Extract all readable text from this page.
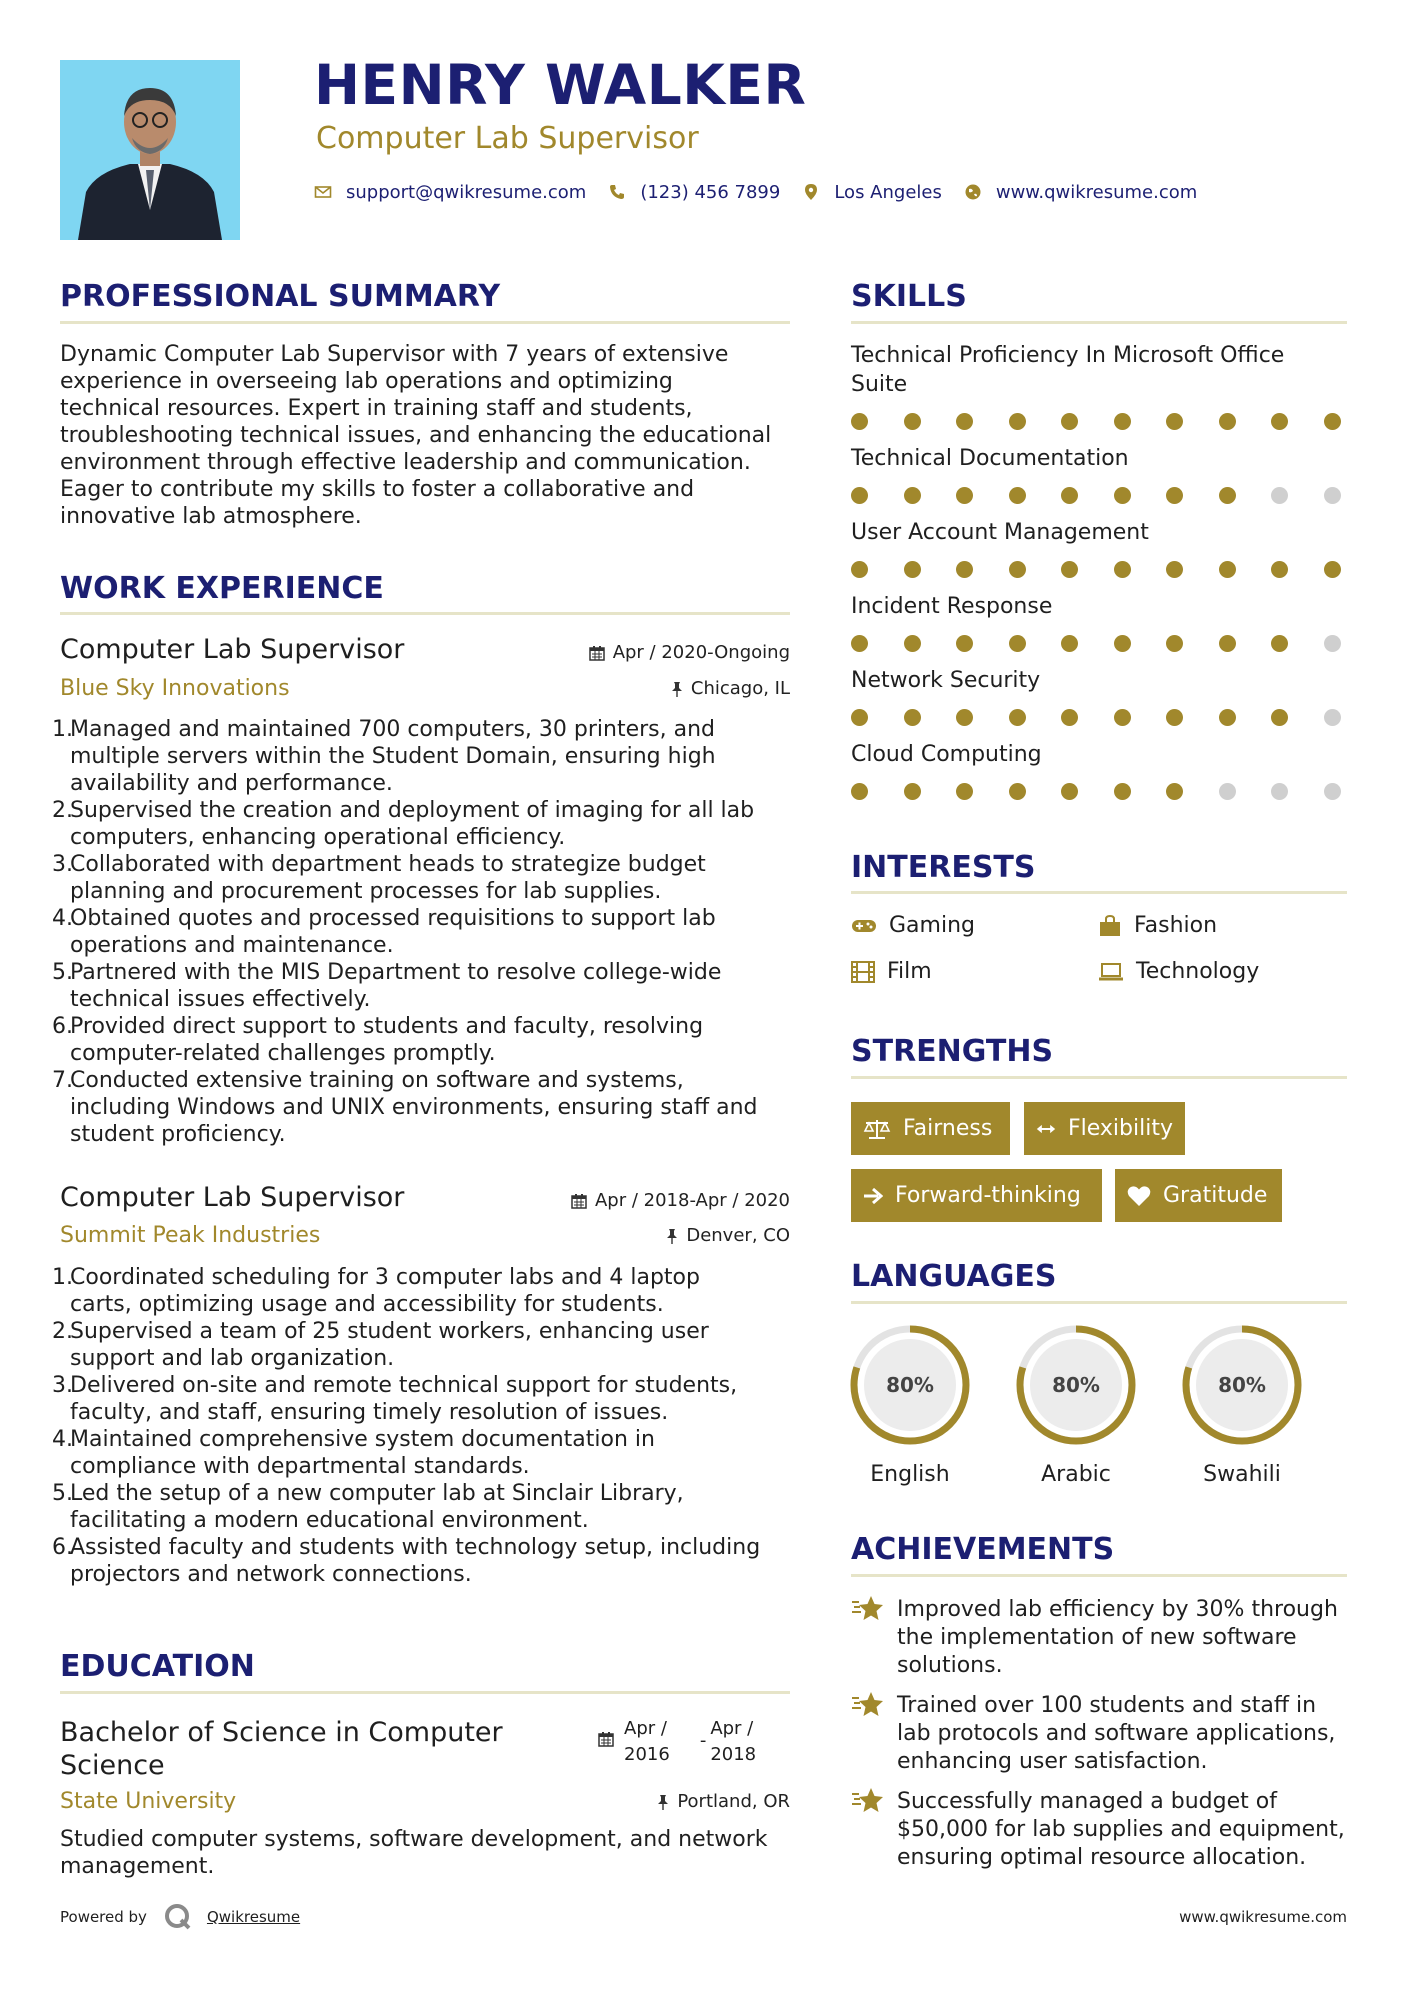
HENRY WALKER
Computer Lab Supervisor
support@qwikresume.com	(123) 456 7899	Los Angeles	www.qwikresume.com
PROFESSIONAL SUMMARY
Dynamic Computer Lab Supervisor with 7 years of extensive
experience in overseeing lab operations and optimizing
technical resources. Expert in training staff and students,
troubleshooting technical issues, and enhancing the educational
environment through effective leadership and communication.
Eager to contribute my skills to foster a collaborative and
innovative lab atmosphere.
WORK EXPERIENCE
Computer Lab Supervisor	Apr / 2020-Ongoing
Blue Sky Innovations	Chicago, IL
1.
Managed and maintained 700 computers, 30 printers, and
multiple servers within the Student Domain, ensuring high
availability and performance.
2.
Supervised the creation and deployment of imaging for all lab
computers, enhancing operational efficiency.
3.
Collaborated with department heads to strategize budget
planning and procurement processes for lab supplies.
4.
Obtained quotes and processed requisitions to support lab
operations and maintenance.
5.
Partnered with the MIS Department to resolve college-wide
technical issues effectively.
6.
Provided direct support to students and faculty, resolving
computer-related challenges promptly.
7.
Conducted extensive training on software and systems,
including Windows and UNIX environments, ensuring staff and
student proficiency.
Computer Lab Supervisor	Apr / 2018-Apr / 2020
Summit Peak Industries	Denver, CO
1.
Coordinated scheduling for 3 computer labs and 4 laptop
carts, optimizing usage and accessibility for students.
2.
Supervised a team of 25 student workers, enhancing user
support and lab organization.
3.
Delivered on-site and remote technical support for students,
faculty, and staff, ensuring timely resolution of issues.
4.
Maintained comprehensive system documentation in
compliance with departmental standards.
5.
Led the setup of a new computer lab at Sinclair Library,
facilitating a modern educational environment.
6.
Assisted faculty and students with technology setup, including
projectors and network connections.
EDUCATION
Bachelor of Science in Computer
Science
Apr /
2016
-
Apr /
2018
State University	Portland, OR
Studied computer systems, software development, and network
management.
Powered by	Qwikresume
SKILLS
Technical Proficiency In Microsoft Office
Suite
Technical Documentation
User Account Management
Incident Response
Network Security
Cloud Computing
INTERESTS
Gaming	Fashion
Film	Technology
STRENGTHS
Fairness	Flexibility
Forward-thinking	Gratitude
LANGUAGES
80%
English
80%
Arabic
80%
Swahili
ACHIEVEMENTS
Improved lab efficiency by 30% through
the implementation of new software
solutions.
Trained over 100 students and staff in
lab protocols and software applications,
enhancing user satisfaction.
Successfully managed a budget of
$50,000 for lab supplies and equipment,
ensuring optimal resource allocation.
www.qwikresume.com
